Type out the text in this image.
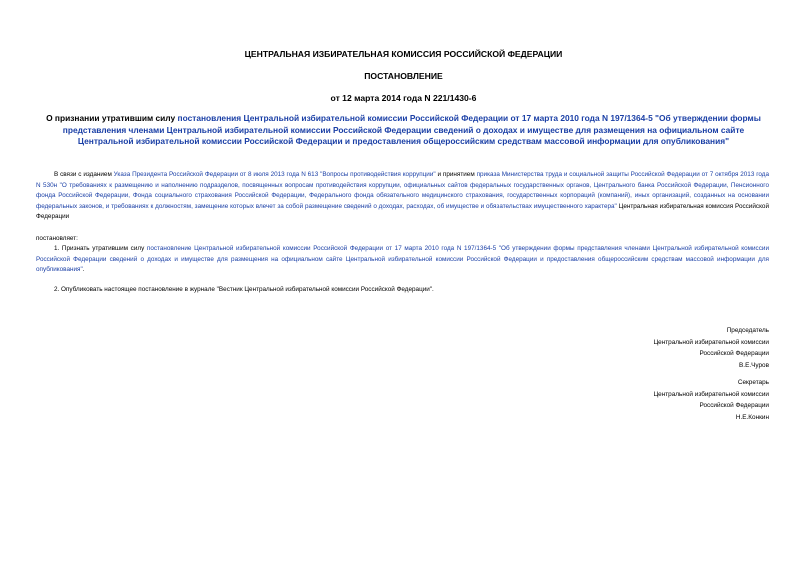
ЦЕНТРАЛЬНАЯ ИЗБИРАТЕЛЬНАЯ КОМИССИЯ РОССИЙСКОЙ ФЕДЕРАЦИИ
ПОСТАНОВЛЕНИЕ
от 12 марта 2014 года N 221/1430-6
О признании утратившим силу постановления Центральной избирательной комиссии Российской Федерации от 17 марта 2010 года N 197/1364-5 "Об утверждении формы представления членами Центральной избирательной комиссии Российской Федерации сведений о доходах и имуществе для размещения на официальном сайте Центральной избирательной комиссии Российской Федерации и предоставления общероссийским средствам массовой информации для опубликования"
В связи с изданием Указа Президента Российской Федерации от 8 июля 2013 года N 613 "Вопросы противодействия коррупции" и принятием приказа Министерства труда и социальной защиты Российской Федерации от 7 октября 2013 года N 530н "О требованиях к размещению и наполнению подразделов, посвященных вопросам противодействия коррупции, официальных сайтов федеральных государственных органов, Центрального банка Российской Федерации, Пенсионного фонда Российской Федерации, Фонда социального страхования Российской Федерации, Федерального фонда обязательного медицинского страхования, государственных корпораций (компаний), иных организаций, созданных на основании федеральных законов, и требованиях к должностям, замещение которых влечет за собой размещение сведений о доходах, расходах, об имуществе и обязательствах имущественного характера" Центральная избирательная комиссия Российской Федерации
постановляет:
1. Признать утратившим силу постановление Центральной избирательной комиссии Российской Федерации от 17 марта 2010 года N 197/1364-5 "Об утверждении формы представления членами Центральной избирательной комиссии Российской Федерации сведений о доходах и имуществе для размещения на официальном сайте Центральной избирательной комиссии Российской Федерации и предоставления общероссийским средствам массовой информации для опубликования".
2. Опубликовать настоящее постановление в журнале "Вестник Центральной избирательной комиссии Российской Федерации".
Председатель
Центральной избирательной комиссии
Российской Федерации
В.Е.Чуров
Секретарь
Центральной избирательной комиссии
Российской Федерации
Н.Е.Конкин
